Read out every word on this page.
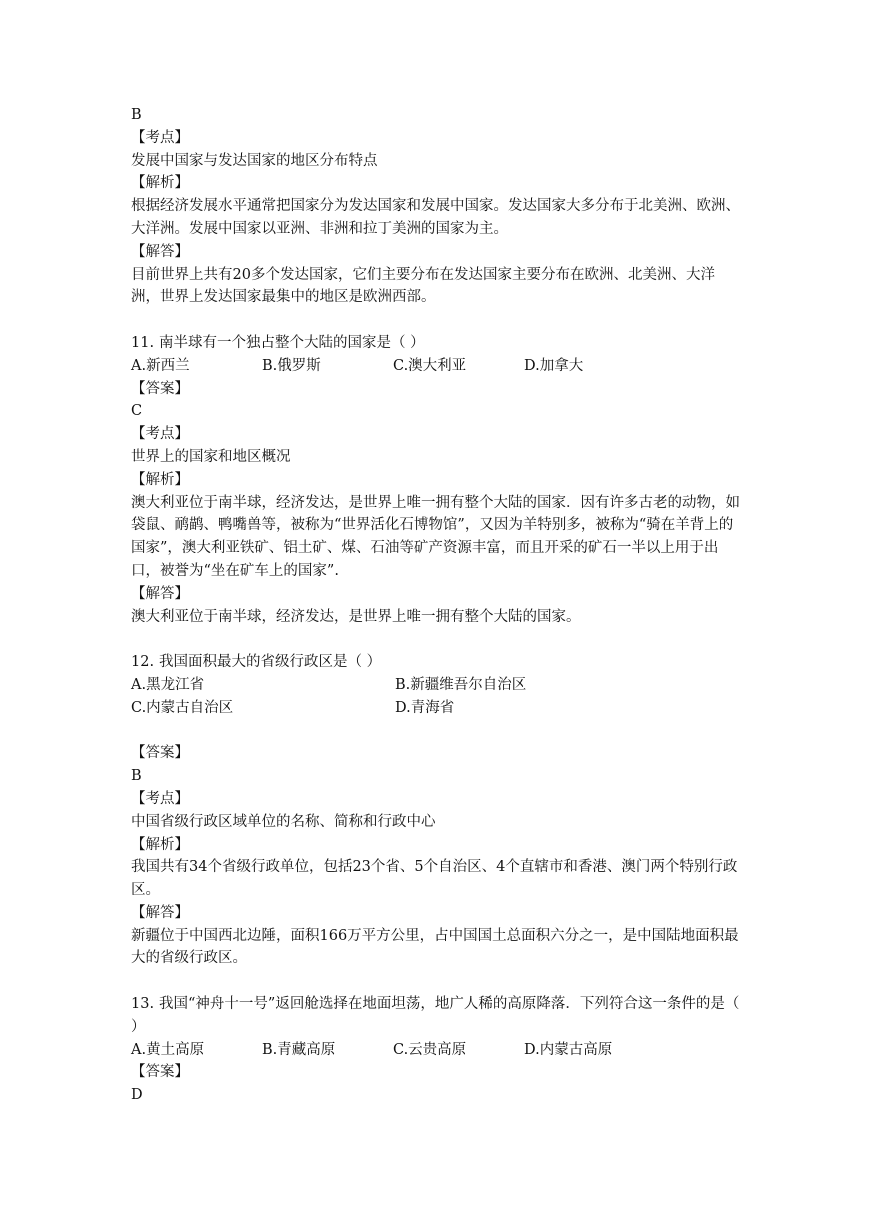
B
【考点】
发展中国家与发达国家的地区分布特点
【解析】
根据经济发展水平通常把国家分为发达国家和发展中国家。发达国家大多分布于北美洲、欧洲、大洋洲。发展中国家以亚洲、非洲和拉丁美洲的国家为主。
【解答】
目前世界上共有20多个发达国家，它们主要分布在发达国家主要分布在欧洲、北美洲、大洋洲，世界上发达国家最集中的地区是欧洲西部。
11. 南半球有一个独占整个大陆的国家是（ ）
A.新西兰	B.俄罗斯	C.澳大利亚	D.加拿大
【答案】
C
【考点】
世界上的国家和地区概况
【解析】
澳大利亚位于南半球，经济发达，是世界上唯一拥有整个大陆的国家．因有许多古老的动物，如袋鼠、鸸鹋、鸭嘴兽等，被称为“世界活化石博物馆”，又因为羊特别多，被称为“骑在羊背上的国家”，澳大利亚铁矿、铝土矿、煤、石油等矿产资源丰富，而且开采的矿石一半以上用于出口，被誉为“坐在矿车上的国家”.
【解答】
澳大利亚位于南半球，经济发达，是世界上唯一拥有整个大陆的国家。
12. 我国面积最大的省级行政区是（ ）
A.黑龙江省	B.新疆维吾尔自治区
C.内蒙古自治区	D.青海省
【答案】
B
【考点】
中国省级行政区域单位的名称、简称和行政中心
【解析】
我国共有34个省级行政单位，包括23个省、5个自治区、4个直辖市和香港、澳门两个特别行政区。
【解答】
新疆位于中国西北边陲，面积166万平方公里，占中国国土总面积六分之一，是中国陆地面积最大的省级行政区。
13. 我国“神舟十一号”返回舱选择在地面坦荡，地广人稀的高原降落．下列符合这一条件的是（ ）
A.黄土高原	B.青藏高原	C.云贵高原	D.内蒙古高原
【答案】
D
